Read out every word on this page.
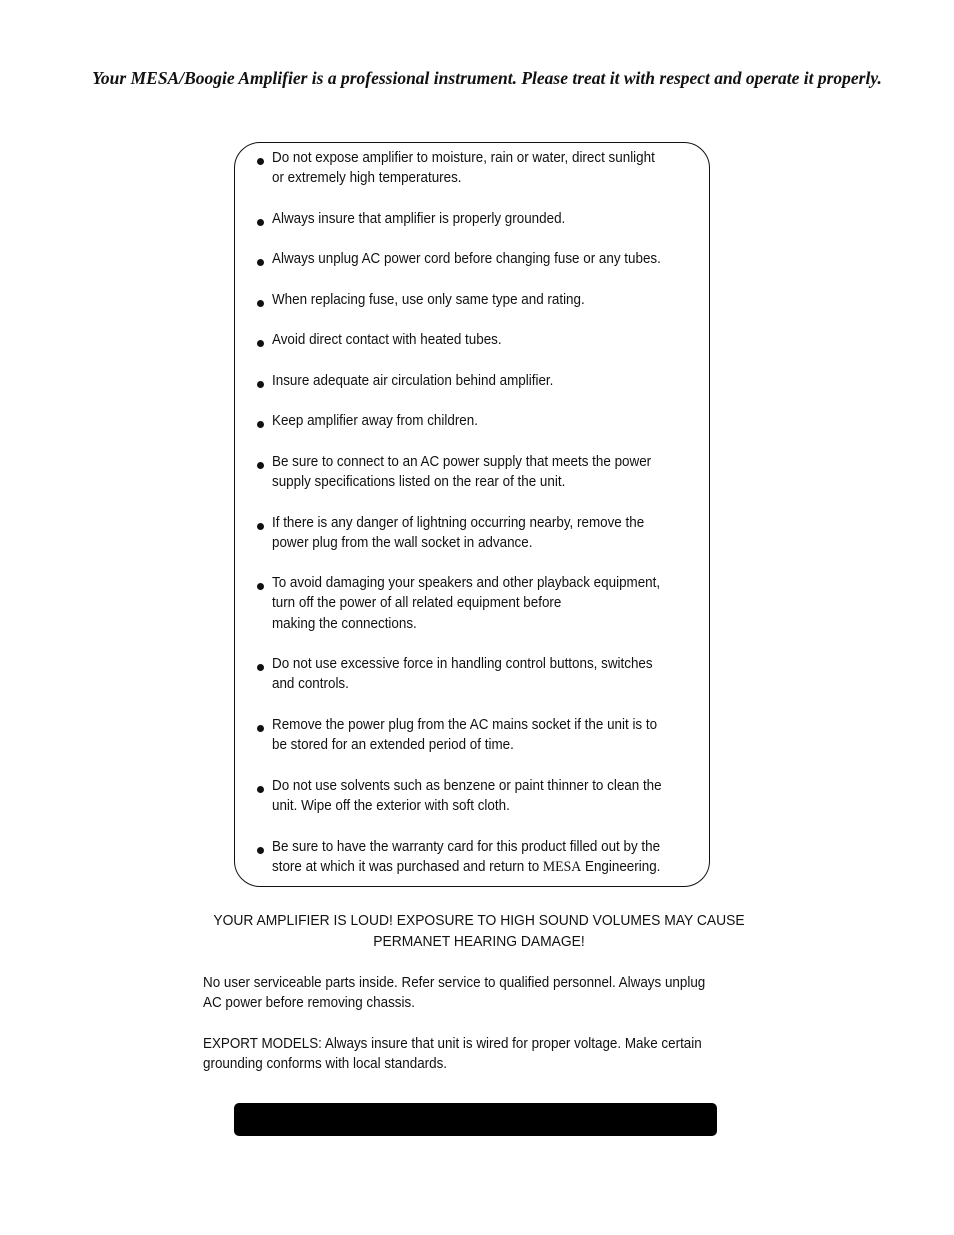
Your MESA/Boogie Amplifier is a professional instrument. Please treat it with respect and operate it properly.
Do not expose amplifier to moisture, rain or water, direct sunlight
or extremely high temperatures.
Always insure that amplifier is properly grounded.
Always unplug AC power cord before changing fuse or any tubes.
When replacing fuse, use only same type and rating.
Avoid direct contact with heated tubes.
Insure adequate air circulation behind amplifier.
Keep amplifier away from children.
Be sure to connect to an AC power supply that meets the power
supply specifications listed on the rear of the unit.
If there is any danger of lightning occurring nearby, remove the
power plug from the wall socket in advance.
To avoid damaging your speakers and other playback equipment,
turn off the power of all related equipment before
making the connections.
Do not use excessive force in handling control buttons, switches
and controls.
Remove the power plug from the AC mains socket if the unit is to
be stored for an extended period of time.
Do not use solvents such as benzene or paint thinner to clean the
unit. Wipe off the exterior with soft cloth.
Be sure to have the warranty card for this product filled out by the
store at which it was purchased and return to MESA Engineering.
YOUR AMPLIFIER IS LOUD! EXPOSURE TO HIGH SOUND VOLUMES MAY CAUSE
PERMANET HEARING DAMAGE!
No user serviceable parts inside. Refer service to qualified personnel. Always unplug
AC power before removing chassis.
EXPORT MODELS: Always insure that unit is wired for proper voltage. Make certain
grounding conforms with local standards.
